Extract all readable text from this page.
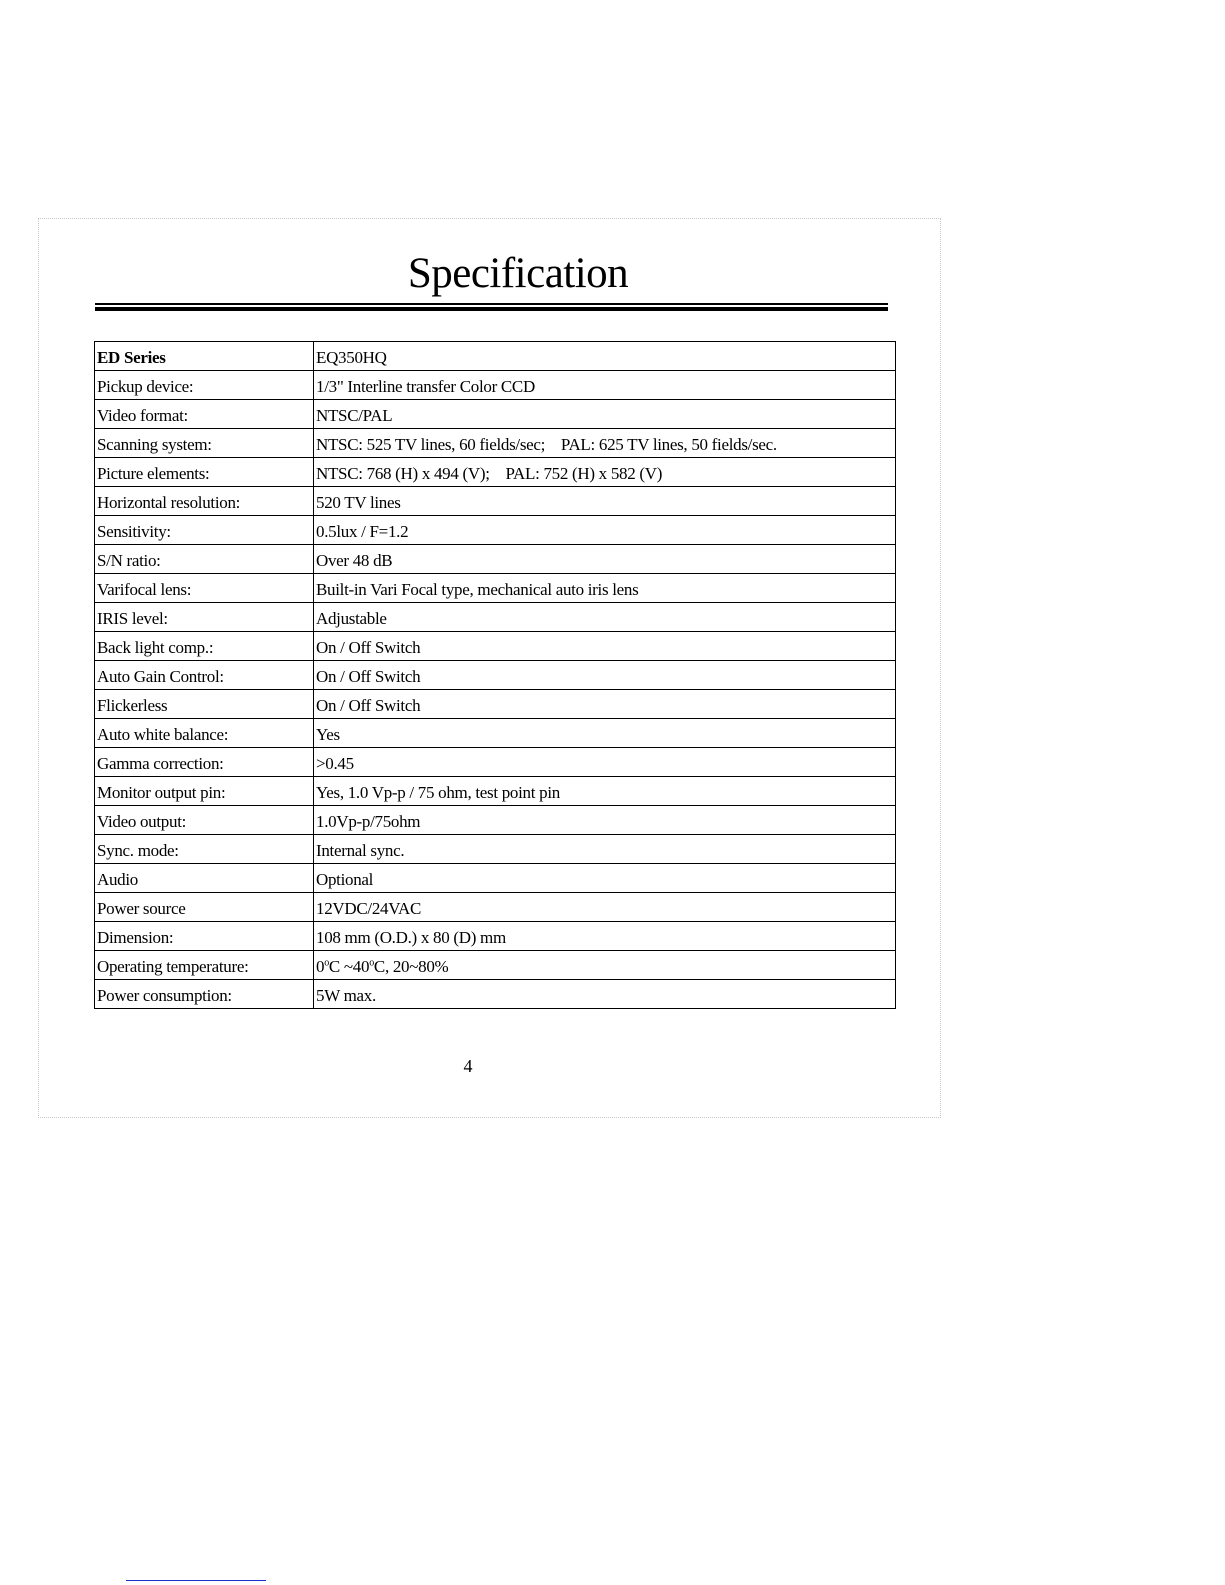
Specification
ED Series	EQ350HQ
Pickup device:	1/3" Interline transfer Color CCD
Video format:	NTSC/PAL
Scanning system:	NTSC: 525 TV lines, 60 fields/sec;    PAL: 625 TV lines, 50 fields/sec.
Picture elements:	NTSC: 768 (H) x 494 (V);    PAL: 752 (H) x 582 (V)
Horizontal resolution:	520 TV lines
Sensitivity:	0.5lux / F=1.2
S/N ratio:	Over 48 dB
Varifocal lens:	Built-in Vari Focal type, mechanical auto iris lens
IRIS level:	Adjustable
Back light comp.:	On / Off Switch
Auto Gain Control:	On / Off Switch
Flickerless	On / Off Switch
Auto white balance:	Yes
Gamma correction:	>0.45
Monitor output pin:	Yes, 1.0 Vp-p / 75 ohm, test point pin
Video output:	1.0Vp-p/75ohm
Sync. mode:	Internal sync.
Audio	Optional
Power source	12VDC/24VAC
Dimension:	108 mm (O.D.) x 80 (D) mm
Operating temperature:	0$^o$C ~40$^o$C, 20~80%
Power consumption:	5W max.
4
